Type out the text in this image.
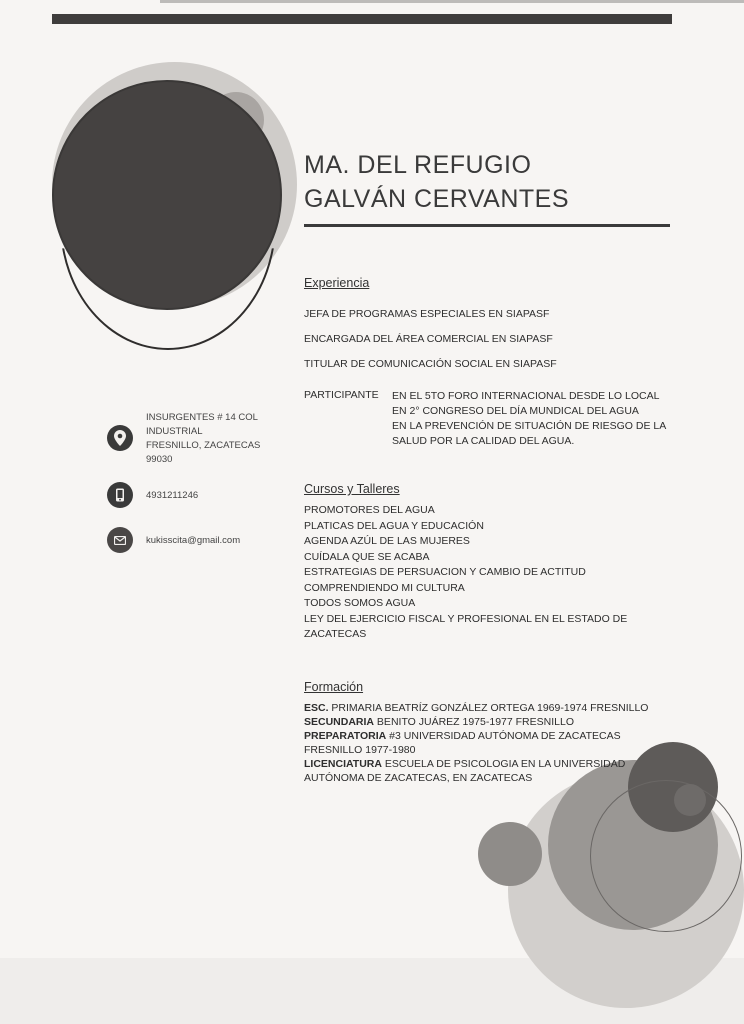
MA. DEL REFUGIO
GALVÁN CERVANTES
Experiencia
JEFA DE PROGRAMAS ESPECIALES EN SIAPASF
ENCARGADA DEL ÁREA COMERCIAL EN SIAPASF
TITULAR DE COMUNICACIÓN SOCIAL EN SIAPASF
PARTICIPANTE EN EL 5TO FORO INTERNACIONAL DESDE LO LOCAL
EN 2° CONGRESO DEL DÍA MUNDICAL DEL AGUA
EN LA PREVENCIÓN DE SITUACIÓN DE RIESGO DE LA
SALUD POR LA CALIDAD DEL AGUA.
INSURGENTES # 14 COL
INDUSTRIAL
FRESNILLO, ZACATECAS
99030
4931211246
kukisscita@gmail.com
Cursos y Talleres
PROMOTORES DEL AGUA
PLATICAS DEL AGUA Y EDUCACIÓN
AGENDA AZÚL DE LAS MUJERES
CUÍDALA QUE SE ACABA
ESTRATEGIAS DE PERSUACION Y CAMBIO DE ACTITUD
COMPRENDIENDO MI CULTURA
TODOS SOMOS AGUA
LEY DEL EJERCICIO FISCAL Y PROFESIONAL EN EL ESTADO DE
ZACATECAS
Formación
ESC. PRIMARIA BEATRÍZ GONZÁLEZ ORTEGA 1969-1974 FRESNILLO
SECUNDARIA BENITO JUÁREZ 1975-1977 FRESNILLO
PREPARATORIA #3 UNIVERSIDAD AUTÓNOMA DE ZACATECAS
FRESNILLO 1977-1980
LICENCIATURA ESCUELA DE PSICOLOGIA EN LA UNIVERSIDAD
AUTÓNOMA DE ZACATECAS, EN ZACATECAS
